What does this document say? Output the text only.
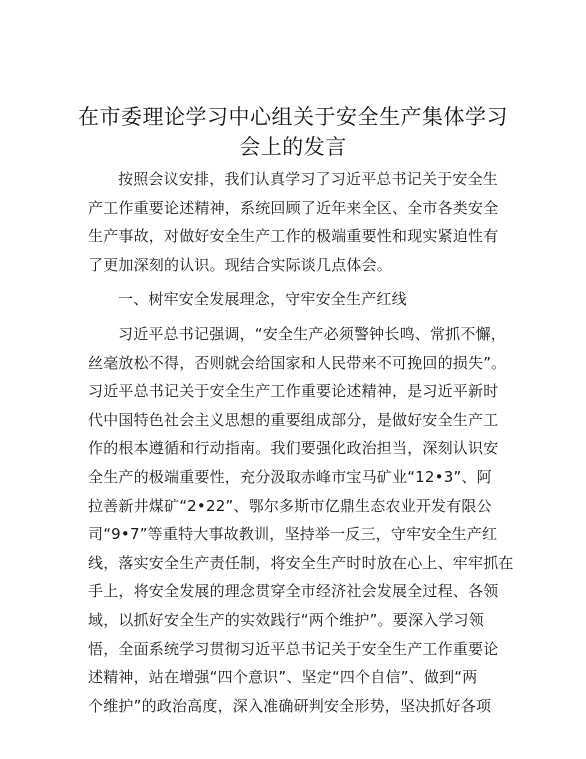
在市委理论学习中心组关于安全生产集体学习
会上的发言

按照会议安排，我们认真学习了习近平总书记关于安全生
产工作重要论述精神，系统回顾了近年来全区、全市各类安全
生产事故，对做好安全生产工作的极端重要性和现实紧迫性有
了更加深刻的认识。现结合实际谈几点体会。

一、树牢安全发展理念，守牢安全生产红线

习近平总书记强调，“安全生产必须警钟长鸣、常抓不懈，
丝毫放松不得，否则就会给国家和人民带来不可挽回的损失”。
习近平总书记关于安全生产工作重要论述精神，是习近平新时
代中国特色社会主义思想的重要组成部分，是做好安全生产工
作的根本遵循和行动指南。我们要强化政治担当，深刻认识安
全生产的极端重要性，充分汲取赤峰市宝马矿业“12•3”、阿
拉善新井煤矿“2•22”、鄂尔多斯市亿鼎生态农业开发有限公
司“9•7”等重特大事故教训，坚持举一反三，守牢安全生产红
线，落实安全生产责任制，将安全生产时时放在心上、牢牢抓在
手上，将安全发展的理念贯穿全市经济社会发展全过程、各领
域，以抓好安全生产的实效践行“两个维护”。要深入学习领
悟，全面系统学习贯彻习近平总书记关于安全生产工作重要论
述精神，站在增强“四个意识”、坚定“四个自信”、做到“两
个维护”的政治高度，深入准确研判安全形势，坚决抓好各项
